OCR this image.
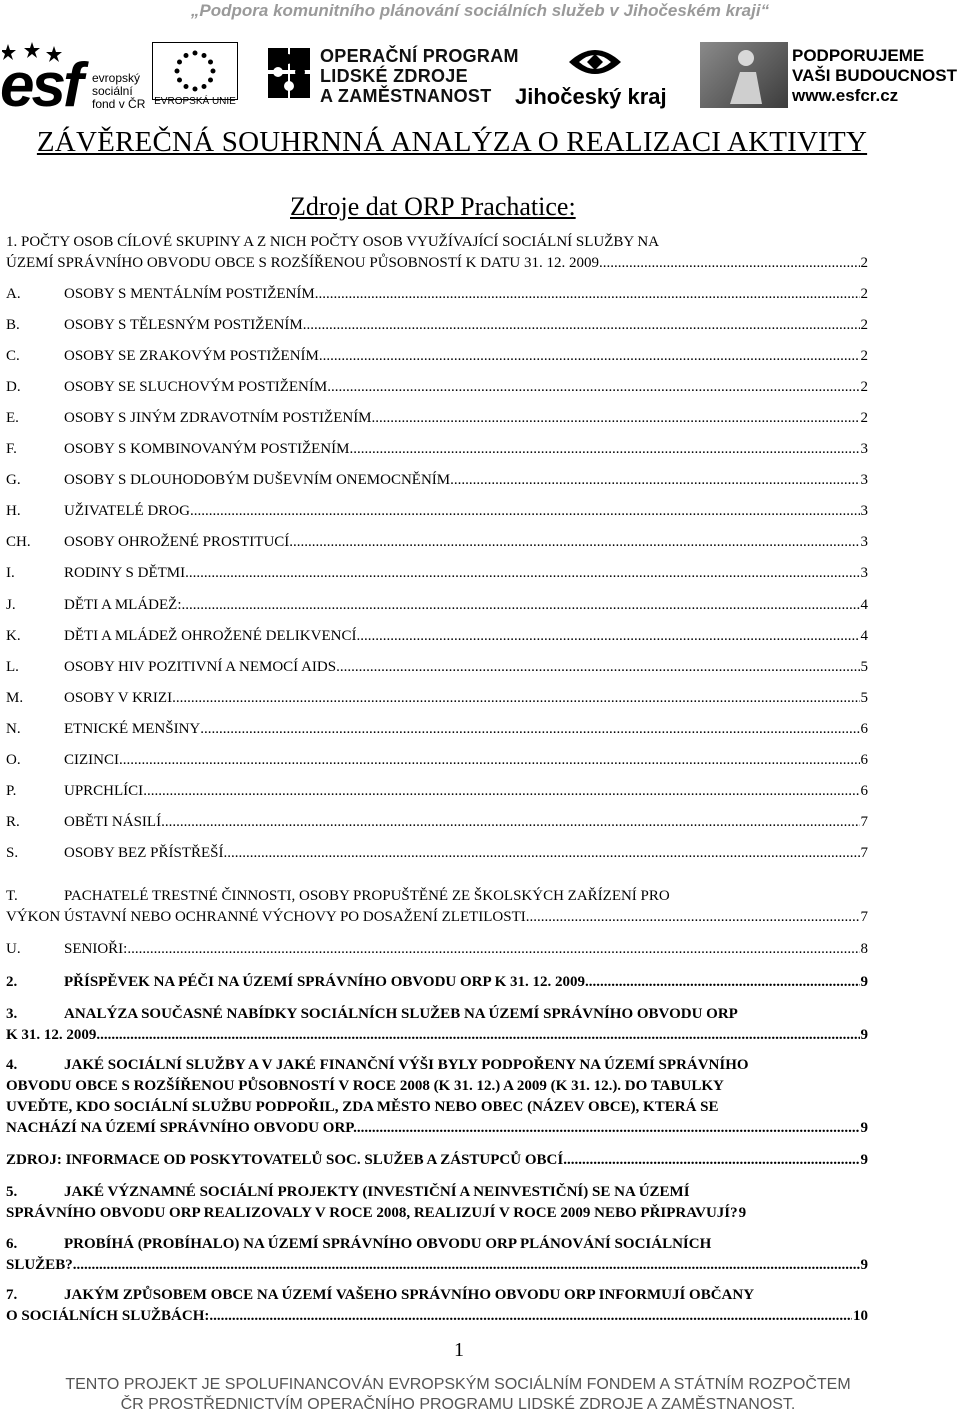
„Podpora komunitního plánování sociálních služeb v Jihočeském kraji“
esf evropský
sociální
fond v ČR EVROPSKÁ UNIE
OPERAČNÍ PROGRAM
LIDSKÉ ZDROJE
A ZAMĚSTNANOST	Jihočeský kraj
PODPORUJEME
VAŠI BUDOUCNOST
www.esfcr.cz
ZÁVĚREČNÁ SOUHRNNÁ ANALÝZA O REALIZACI AKTIVITY
Zdroje dat ORP Prachatice:
1. POČTY OSOB CÍLOVÉ SKUPINY A Z NICH POČTY OSOB VYUŽÍVAJÍCÍ SOCIÁLNÍ SLUŽBY NA
ÚZEMÍ SPRÁVNÍHO OBVODU OBCE S ROZŠÍŘENOU PŮSOBNOSTÍ K DATU 31. 12. 2009 .....	2
A.	OSOBY S MENTÁLNÍM POSTIŽENÍM .....	2
B.	OSOBY S TĚLESNÝM POSTIŽENÍM .....	2
C.	OSOBY SE ZRAKOVÝM POSTIŽENÍM .....	2
D.	OSOBY SE SLUCHOVÝM POSTIŽENÍM .....	2
E.	OSOBY S JINÝM ZDRAVOTNÍM POSTIŽENÍM .....	2
F.	OSOBY S KOMBINOVANÝM POSTIŽENÍM .....	3
G.	OSOBY S DLOUHODOBÝM DUŠEVNÍM ONEMOCNĚNÍM .....	3
H.	UŽIVATELÉ DROG .....	3
CH.	OSOBY OHROŽENÉ PROSTITUCÍ .....	3
I.	RODINY S DĚTMI .....	3
J.	DĚTI A MLÁDEŽ: .....	4
K.	DĚTI A MLÁDEŽ OHROŽENÉ DELIKVENCÍ .....	4
L.	OSOBY HIV POZITIVNÍ A NEMOCÍ AIDS .....	5
M.	OSOBY V KRIZI .....	5
N.	ETNICKÉ MENŠINY .....	6
O.	CIZINCI .....	6
P.	UPRCHLÍCI .....	6
R.	OBĚTI NÁSILÍ .....	7
S.	OSOBY BEZ PŘÍSTŘEŠÍ .....	7
T.	PACHATELÉ TRESTNÉ ČINNOSTI, OSOBY PROPUŠTĚNÉ ZE ŠKOLSKÝCH ZAŘÍZENÍ PRO
VÝKON ÚSTAVNÍ NEBO OCHRANNÉ VÝCHOVY PO DOSAŽENÍ ZLETILOSTI .....	7
U.	SENIOŘI: .....	8
2.	PŘÍSPĚVEK NA PÉČI NA ÚZEMÍ SPRÁVNÍHO OBVODU ORP K 31. 12. 2009 .....	9
3.	ANALÝZA SOUČASNÉ NABÍDKY SOCIÁLNÍCH SLUŽEB NA ÚZEMÍ SPRÁVNÍHO OBVODU ORP
K 31. 12. 2009 .....	9
4.	JAKÉ SOCIÁLNÍ SLUŽBY A V JAKÉ FINANČNÍ VÝŠI BYLY PODPOŘENY NA ÚZEMÍ SPRÁVNÍHO
OBVODU OBCE S ROZŠÍŘENOU PŮSOBNOSTÍ V ROCE 2008 (K 31. 12.) A 2009 (K 31. 12.). DO TABULKY
UVEĎTE, KDO SOCIÁLNÍ SLUŽBU PODPOŘIL, ZDA MĚSTO NEBO OBEC (NÁZEV OBCE), KTERÁ SE
NACHÁZÍ NA ÚZEMÍ SPRÁVNÍHO OBVODU ORP. .....	9
ZDROJ: INFORMACE OD POSKYTOVATELŮ SOC. SLUŽEB A ZÁSTUPCŮ OBCÍ .....	9
5.	JAKÉ VÝZNAMNÉ SOCIÁLNÍ PROJEKTY (INVESTIČNÍ A NEINVESTIČNÍ) SE NA ÚZEMÍ
SPRÁVNÍHO OBVODU ORP REALIZOVALY V ROCE 2008, REALIZUJÍ V ROCE 2009 NEBO PŘIPRAVUJÍ? 9
6.	PROBÍHÁ (PROBÍHALO) NA ÚZEMÍ SPRÁVNÍHO OBVODU ORP PLÁNOVÁNÍ SOCIÁLNÍCH
SLUŽEB? .....	9
7.	JAKÝM ZPŮSOBEM OBCE NA ÚZEMÍ VAŠEHO SPRÁVNÍHO OBVODU ORP INFORMUJÍ OBČANY
O SOCIÁLNÍCH SLUŽBÁCH: .....	10
1
TENTO PROJEKT JE SPOLUFINANCOVÁN EVROPSKÝM SOCIÁLNÍM FONDEM A STÁTNÍM ROZPOČTEM
ČR PROSTŘEDNICTVÍM OPERAČNÍHO PROGRAMU LIDSKÉ ZDROJE A ZAMĚSTNANOST.
